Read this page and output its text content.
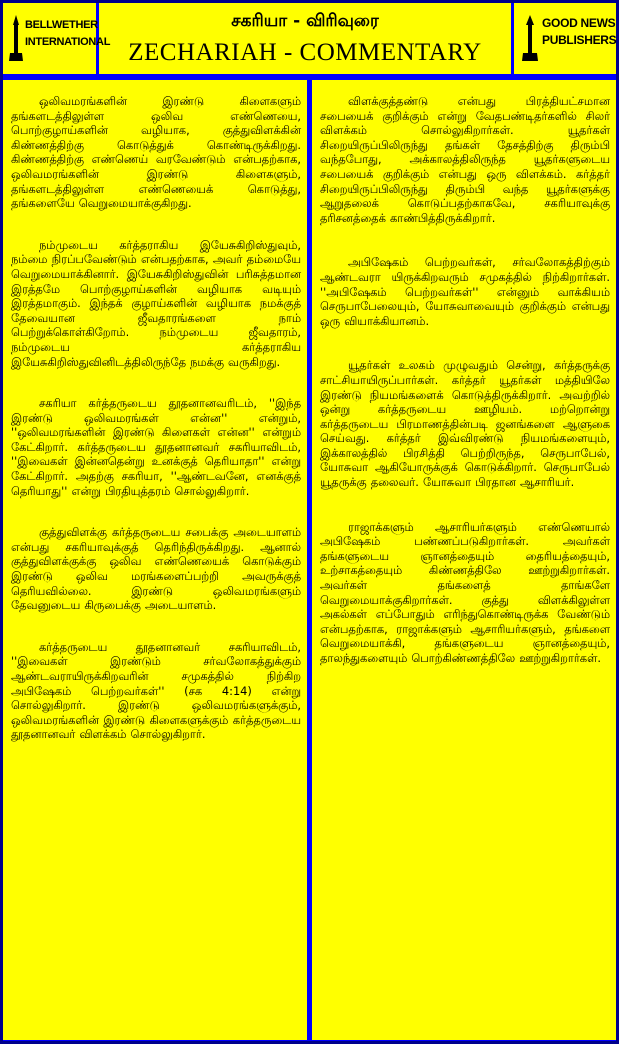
BELLWETHER INTERNATIONAL
சகரியா - விரிவுரை
ZECHARIAH - COMMENTARY
GOOD NEWS PUBLISHERS

ஒலிவமரங்களின் இரண்டு கிளைகளும் தங்களடத்திலுள்ள ஒலிவ எண்ணெயை, பொற்குழாய்களின் வழியாக, குத்துவிளக்கின் கிண்ணத்திற்கு கொடுத்துக் கொண்டிருக்கிறது. கிண்ணத்திற்கு எண்ணெய் வரவேண்டும் என்பதற்காக, ஒலிவமரங்களின் இரண்டு கிளைகளும், தங்களடத்திலுள்ள எண்ணெயைக் கொடுத்து, தங்களையே வெறுமையாக்குகிறது.

நம்முடைய கர்த்தராகிய இயேசுகிறிஸ்துவும், நம்மை நிரப்பவேண்டும் என்பதற்காக, அவர் தம்மையே வெறுமையாக்கினார். இயேசுகிறிஸ்துவின் பரிசுத்தமான இரத்தமே பொற்குழாய்களின் வழியாக வடியும் இரத்தமாகும். இந்தக் குழாய்களின் வழியாக நமக்குத் தேவையான ஜீவதாரங்களை நாம் பெற்றுக்கொள்கிறோம். நம்முடைய ஜீவதாரம், நம்முடைய கர்த்தராகிய இயேசுகிறிஸ்துவினிடத்திலிருந்தே நமக்கு வருகிறது.

சகரியா கர்த்தருடைய தூதனானவரிடம், ''இந்த இரண்டு ஒலிவமரங்கள் என்ன'' என்றும், ''ஒலிவமரங்களின் இரண்டு கிளைகள் என்ன'' என்றும் கேட்கிறார். கர்த்தருடைய தூதனானவர் சகரியாவிடம், ''இவைகள் இன்னதென்று உனக்குத் தெரியாதா'' என்று கேட்கிறார். அதற்கு சகரியா, ''ஆண்டவனே, எனக்குத் தெரியாது'' என்று பிரதியுத்தரம் சொல்லுகிறார்.

குத்துவிளக்கு கர்த்தருடைய சபைக்கு அடையாளம் என்பது சகரியாவுக்குத் தெரிந்திருக்கிறது. ஆனால் குத்துவிளக்குக்கு ஒலிவ எண்ணெயைக் கொடுக்கும் இரண்டு ஒலிவ மரங்களைப்பற்றி அவருக்குத் தெரியவில்லை. இரண்டு ஒலிவமரங்களும் தேவனுடைய கிருபைக்கு அடையாளம்.

கர்த்தருடைய தூதனானவர் சகரியாவிடம், ''இவைகள் இரண்டும் சர்வலோகத்துக்கும் ஆண்டவராயிருக்கிறவரின் சமுகத்தில் நிற்கிற அபிஷேகம் பெற்றவர்கள்'' (சக 4:14) என்று சொல்லுகிறார். இரண்டு ஒலிவமரங்களுக்கும், ஒலிவமரங்களின் இரண்டு கிளைகளுக்கும் கர்த்தருடைய தூதனானவர் விளக்கம் சொல்லுகிறார்.

விளக்குத்தண்டு என்பது பிரத்தியட்சமான சபையைக் குறிக்கும் என்று வேதபண்டிதர்களில் சிலர் விளக்கம் சொல்லுகிறார்கள். யூதர்கள் சிறையிருப்பிலிருந்து தங்கள் தேசத்திற்கு திரும்பி வந்தபோது, அக்காலத்திலிருந்த யூதர்களுடைய சபையைக் குறிக்கும் என்பது ஒரு விளக்கம். கர்த்தர் சிறையிருப்பிலிருந்து திரும்பி வந்த யூதர்களுக்கு ஆறுதலைக் கொடுப்பதற்காகவே, சகரியாவுக்கு தரிசனத்தைக் காண்பித்திருக்கிறார்.

அபிஷேகம் பெற்றவர்கள், சர்வலோகத்திற்கும் ஆண்டவரா யிருக்கிறவரும் சமுகத்தில் நிற்கிறார்கள். ''அபிஷேகம் பெற்றவர்கள்'' என்னும் வாக்கியம் செருபாபேலையும், யோசுவாவையும் குறிக்கும் என்பது ஒரு வியாக்கியானம்.

யூதர்கள் உலகம் முழுவதும் சென்று, கர்த்தருக்கு சாட்சியாயிருப்பார்கள். கர்த்தர் யூதர்கள் மத்தியிலே இரண்டு நியமங்களைக் கொடுத்திருக்கிறார். அவற்றில் ஒன்று கர்த்தருடைய ஊழியம். மற்றொன்று கர்த்தருடைய பிரமாணத்தின்படி ஜனங்களை ஆளுகை செய்வது. கர்த்தர் இவ்விரண்டு நியமங்களையும், இக்காலத்தில் பிரசித்தி பெற்றிருந்த, செருபாபேல், யோசுவா ஆகியோருக்குக் கொடுக்கிறார். செருபாபேல் யூதருக்கு தலைவர். யோசுவா பிரதான ஆசாரியர்.

ராஜாக்களும் ஆசாரியர்களும் எண்ணெயால் அபிஷேகம் பண்ணப்படுகிறார்கள். அவர்கள் தங்களுடைய ஞானத்தையும் தைரியத்தையும், உற்சாகத்தையும் கிண்ணத்திலே ஊற்றுகிறார்கள். அவர்கள் தங்களைத் தாங்களே வெறுமையாக்குகிறார்கள். குத்து விளக்கிலுள்ள அகல்கள் எப்போதும் எரிந்துகொண்டிருக்க வேண்டும் என்பதற்காக, ராஜாக்களும் ஆசாரியர்களும், தங்களை வெறுமையாக்கி, தங்களுடைய ஞானத்தையும், தாலந்துகளையும் பொற்கிண்ணத்திலே ஊற்றுகிறார்கள்.
